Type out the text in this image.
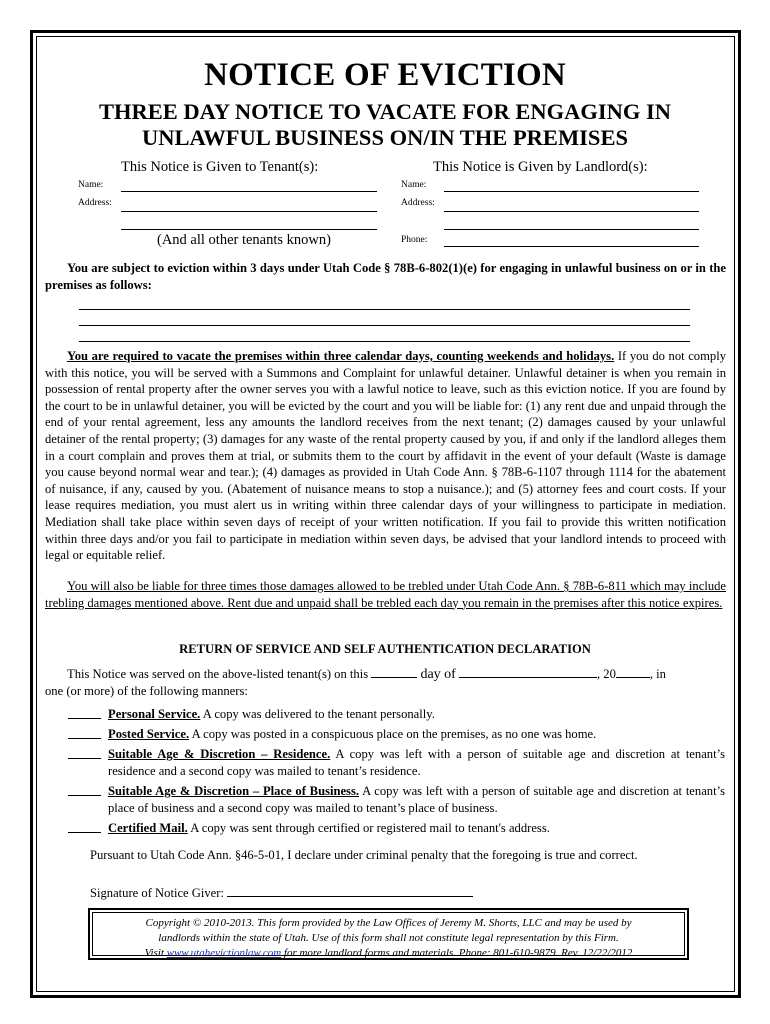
NOTICE OF EVICTION
THREE DAY NOTICE TO VACATE FOR ENGAGING IN
UNLAWFUL BUSINESS ON/IN THE PREMISES
This Notice is Given to Tenant(s):
Name:
Address:
(And all other tenants known)
This Notice is Given by Landlord(s):
Name:
Address:
Phone:
You are subject to eviction within 3 days under Utah Code § 78B-6-802(1)(e) for engaging in unlawful business on or in the premises as follows:
You are required to vacate the premises within three calendar days, counting weekends and holidays. If you do not comply with this notice, you will be served with a Summons and Complaint for unlawful detainer. Unlawful detainer is when you remain in possession of rental property after the owner serves you with a lawful notice to leave, such as this eviction notice. If you are found by the court to be in unlawful detainer, you will be evicted by the court and you will be liable for: (1) any rent due and unpaid through the end of your rental agreement, less any amounts the landlord receives from the next tenant; (2) damages caused by your unlawful detainer of the rental property; (3) damages for any waste of the rental property caused by you, if and only if the landlord alleges them in a court complain and proves them at trial, or submits them to the court by affidavit in the event of your default (Waste is damage you cause beyond normal wear and tear.); (4) damages as provided in Utah Code Ann. § 78B-6-1107 through 1114 for the abatement of nuisance, if any, caused by you. (Abatement of nuisance means to stop a nuisance.); and (5) attorney fees and court costs. If your lease requires mediation, you must alert us in writing within three calendar days of your willingness to participate in mediation. Mediation shall take place within seven days of receipt of your written notification. If you fail to provide this written notification within three days and/or you fail to participate in mediation within seven days, be advised that your landlord intends to proceed with legal or equitable relief.
You will also be liable for three times those damages allowed to be trebled under Utah Code Ann. § 78B-6-811 which may include trebling damages mentioned above. Rent due and unpaid shall be trebled each day you remain in the premises after this notice expires.
RETURN OF SERVICE AND SELF AUTHENTICATION DECLARATION
This Notice was served on the above-listed tenant(s) on this	day of	, 20	, in
one (or more) of the following manners:
Personal Service. A copy was delivered to the tenant personally.
Posted Service. A copy was posted in a conspicuous place on the premises, as no one was home.
Suitable Age & Discretion – Residence. A copy was left with a person of suitable age and discretion at tenant’s residence and a second copy was mailed to tenant’s residence.
Suitable Age & Discretion – Place of Business. A copy was left with a person of suitable age and discretion at tenant’s place of business and a second copy was mailed to tenant’s place of business.
Certified Mail. A copy was sent through certified or registered mail to tenant's address.
Pursuant to Utah Code Ann. §46-5-01, I declare under criminal penalty that the foregoing is true and correct.
Signature of Notice Giver:
Copyright © 2010-2013. This form provided by the Law Offices of Jeremy M. Shorts, LLC and may be used by
landlords within the state of Utah. Use of this form shall not constitute legal representation by this Firm.
Visit www.utahevictionlaw.com for more landlord forms and materials. Phone: 801-610-9879. Rev. 12/22/2012
